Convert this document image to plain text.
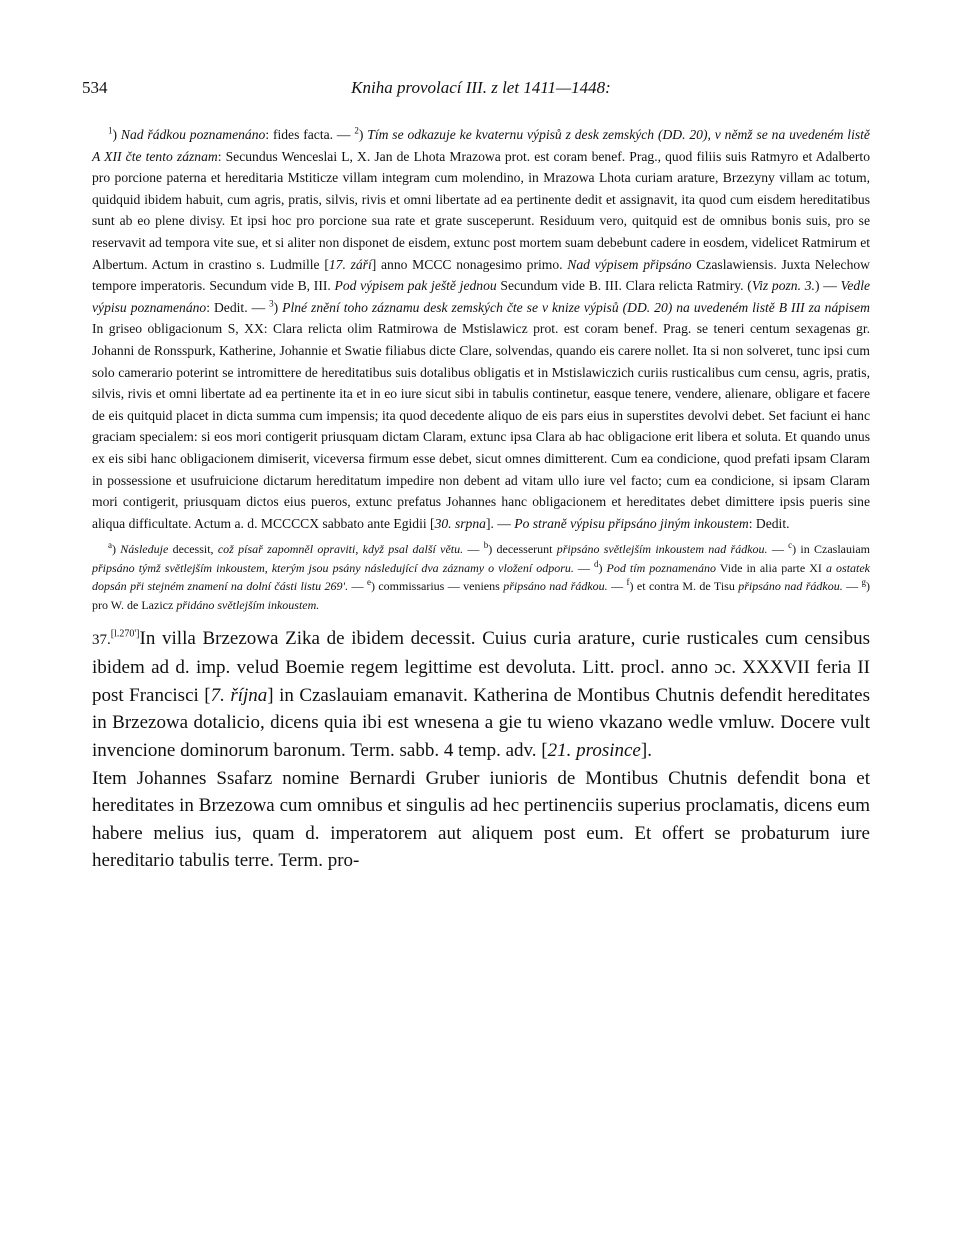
534	Kniha provolací III. z let 1411—1448:

$^1$) Nad řádkou poznamenáno: fides facta. — $^2$) Tím se odkazuje ke kvaternu výpisů z desk zemských (DD. 20), v němž se na uvedeném listě A XII čte tento záznam: Secundus Wenceslai L, X. Jan de Lhota Mrazowa prot. est coram benef. Prag., quod filiis suis Ratmyro et Adalberto pro porcione paterna et hereditaria Mstiticze villam integram cum molendino, in Mrazowa Lhota curiam arature, Brzezyny villam ac totum, quidquid ibidem habuit, cum agris, pratis, silvis, rivis et omni libertate ad ea pertinente dedit et assignavit, ita quod cum eisdem hereditatibus sunt ab eo plene divisy. Et ipsi hoc pro porcione sua rate et grate susceperunt. Residuum vero, quitquid est de omnibus bonis suis, pro se reservavit ad tempora vite sue, et si aliter non disponet de eisdem, extunc post mortem suam debebunt cadere in eosdem, videlicet Ratmirum et Albertum. Actum in crastino s. Ludmille [17. září] anno MCCC nonagesimo primo. Nad výpisem připsáno Czaslawiensis. Juxta Nelechow tempore imperatoris. Secundum vide B, III. Pod výpisem pak ještě jednou Secundum vide B. III. Clara relicta Ratmiry. (Viz pozn. 3.) — Vedle výpisu poznamenáno: Dedit. — $^3$) Plné znění toho záznamu desk zemských čte se v knize výpisů (DD. 20) na uvedeném listě B III za nápisem In griseo obligacionum S, XX: Clara relicta olim Ratmirowa de Mstislawicz prot. est coram benef. Prag. se teneri centum sexagenas gr. Johanni de Ronsspurk, Katherine, Johannie et Swatie filiabus dicte Clare, solvendas, quando eis carere nollet. Ita si non solveret, tunc ipsi cum solo camerario poterint se intromittere de hereditatibus suis dotalibus obligatis et in Mstislawiczich curiis rusticalibus cum censu, agris, pratis, silvis, rivis et omni libertate ad ea pertinente ita et in eo iure sicut sibi in tabulis continetur, easque tenere, vendere, alienare, obligare et facere de eis quitquid placet in dicta summa cum impensis; ita quod decedente aliquo de eis pars eius in superstites devolvi debet. Set faciunt ei hanc graciam specialem: si eos mori contigerit priusquam dictam Claram, extunc ipsa Clara ab hac obligacione erit libera et soluta. Et quando unus ex eis sibi hanc obligacionem dimiserit, viceversa firmum esse debet, sicut omnes dimitterent. Cum ea condicione, quod prefati ipsam Claram in possessione et usufruicione dictarum hereditatum impedire non debent ad vitam ullo iure vel facto; cum ea condicione, si ipsam Claram mori contigerit, priusquam dictos eius pueros, extunc prefatus Johannes hanc obligacionem et hereditates debet dimittere ipsis pueris sine aliqua difficultate. Actum a. d. MCCCCX sabbato ante Egidii [30. srpna]. — Po straně výpisu připsáno jiným inkoustem: Dedit.

$^a$) Následuje decessit, což písař zapomněl opraviti, když psal další větu. — $^b$) decesserunt připsáno světlejším inkoustem nad řádkou. — $^c$) in Czaslauiam připsáno týmž světlejším inkoustem, kterým jsou psány následující dva záznamy o vložení odporu. — $^d$) Pod tím poznamenáno Vide in alia parte XI a ostatek dopsán při stejném znamení na dolní části listu 269'. — $^e$) commissarius — veniens připsáno nad řádkou. — $^f$) et contra M. de Tisu připsáno nad řádkou. — $^g$) pro W. de Lazicz přidáno světlejším inkoustem.

37.[l.270']In villa Brzezowa Zika de ibidem decessit. Cuius curia arature, curie rusticales cum censibus ibidem ad d. imp. velud Boemie regem legittime est devoluta. Litt. procl. anno ɔc. XXXVII feria II post Francisci [7. října] in Czaslauiam emanavit. Katherina de Montibus Chutnis defendit hereditates in Brzezowa dotalicio, dicens quia ibi est wnesena a gie tu wieno vkazano wedle vmluw. Docere vult invencione dominorum baronum. Term. sabb. 4 temp. adv. [21. prosince].

Item Johannes Ssafarz nomine Bernardi Gruber iunioris de Montibus Chutnis defendit bona et hereditates in Brzezowa cum omnibus et singulis ad hec pertinenciis superius proclamatis, dicens eum habere melius ius, quam d. imperatorem aut aliquem post eum. Et offert se probaturum iure hereditario tabulis terre. Term. pro-
